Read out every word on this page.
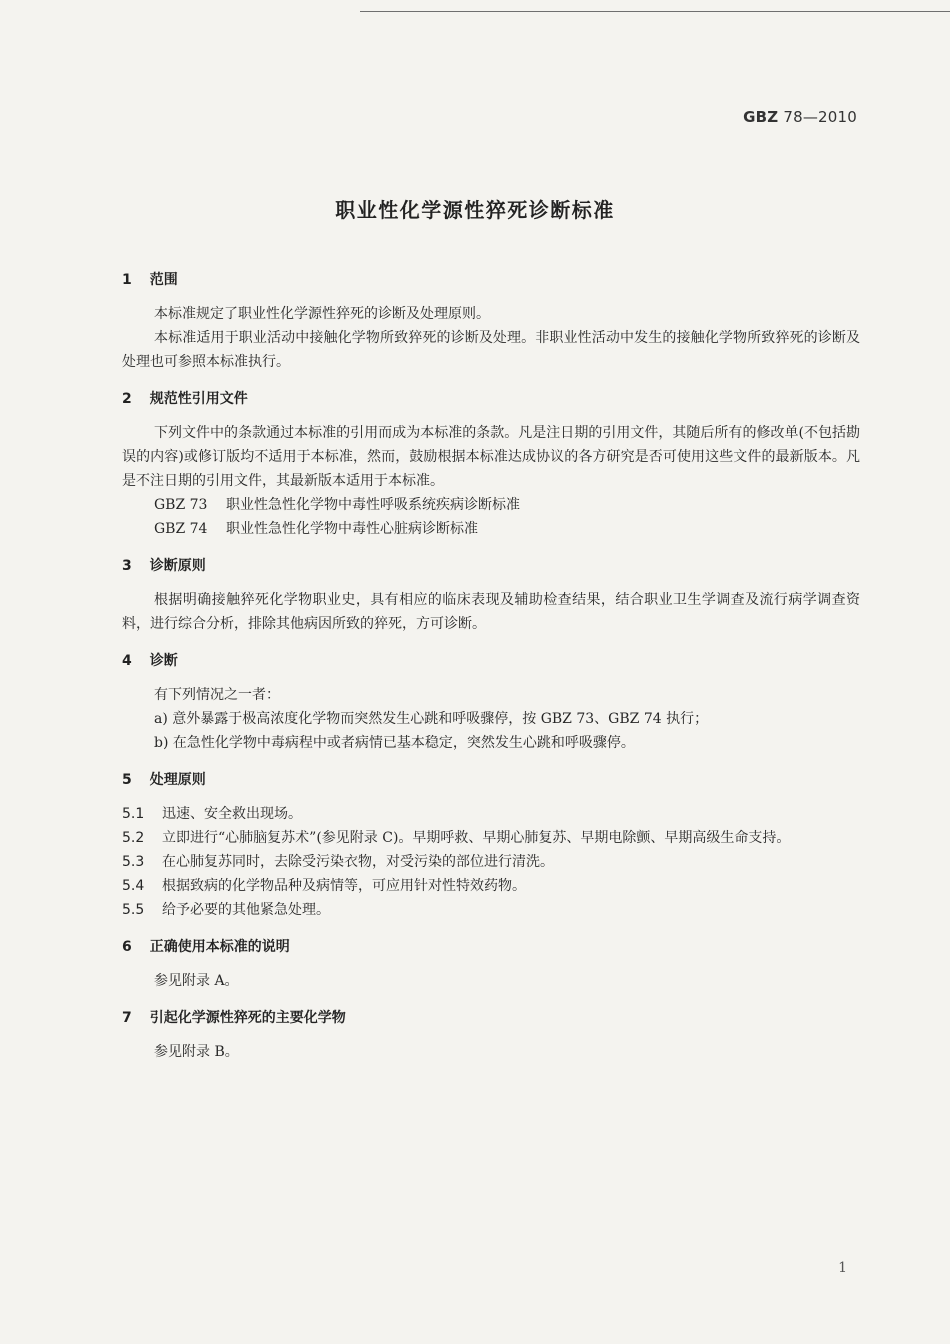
GBZ 78—2010
职业性化学源性猝死诊断标准
1 范围

本标准规定了职业性化学源性猝死的诊断及处理原则。

本标准适用于职业活动中接触化学物所致猝死的诊断及处理。非职业性活动中发生的接触化学物所致猝死的诊断及处理也可参照本标准执行。

2 规范性引用文件

下列文件中的条款通过本标准的引用而成为本标准的条款。凡是注日期的引用文件，其随后所有的修改单(不包括勘误的内容)或修订版均不适用于本标准，然而，鼓励根据本标准达成协议的各方研究是否可使用这些文件的最新版本。凡是不注日期的引用文件，其最新版本适用于本标准。

GBZ 73 职业性急性化学物中毒性呼吸系统疾病诊断标准

GBZ 74 职业性急性化学物中毒性心脏病诊断标准

3 诊断原则

根据明确接触猝死化学物职业史，具有相应的临床表现及辅助检查结果，结合职业卫生学调查及流行病学调查资料，进行综合分析，排除其他病因所致的猝死，方可诊断。

4 诊断

有下列情况之一者：

a) 意外暴露于极高浓度化学物而突然发生心跳和呼吸骤停，按 GBZ 73、GBZ 74 执行；

b) 在急性化学物中毒病程中或者病情已基本稳定，突然发生心跳和呼吸骤停。

5 处理原则

5.1 迅速、安全救出现场。

5.2 立即进行“心肺脑复苏术”(参见附录 C)。早期呼救、早期心肺复苏、早期电除颤、早期高级生命支持。

5.3 在心肺复苏同时，去除受污染衣物，对受污染的部位进行清洗。

5.4 根据致病的化学物品种及病情等，可应用针对性特效药物。

5.5 给予必要的其他紧急处理。

6 正确使用本标准的说明

参见附录 A。

7 引起化学源性猝死的主要化学物

参见附录 B。

1
